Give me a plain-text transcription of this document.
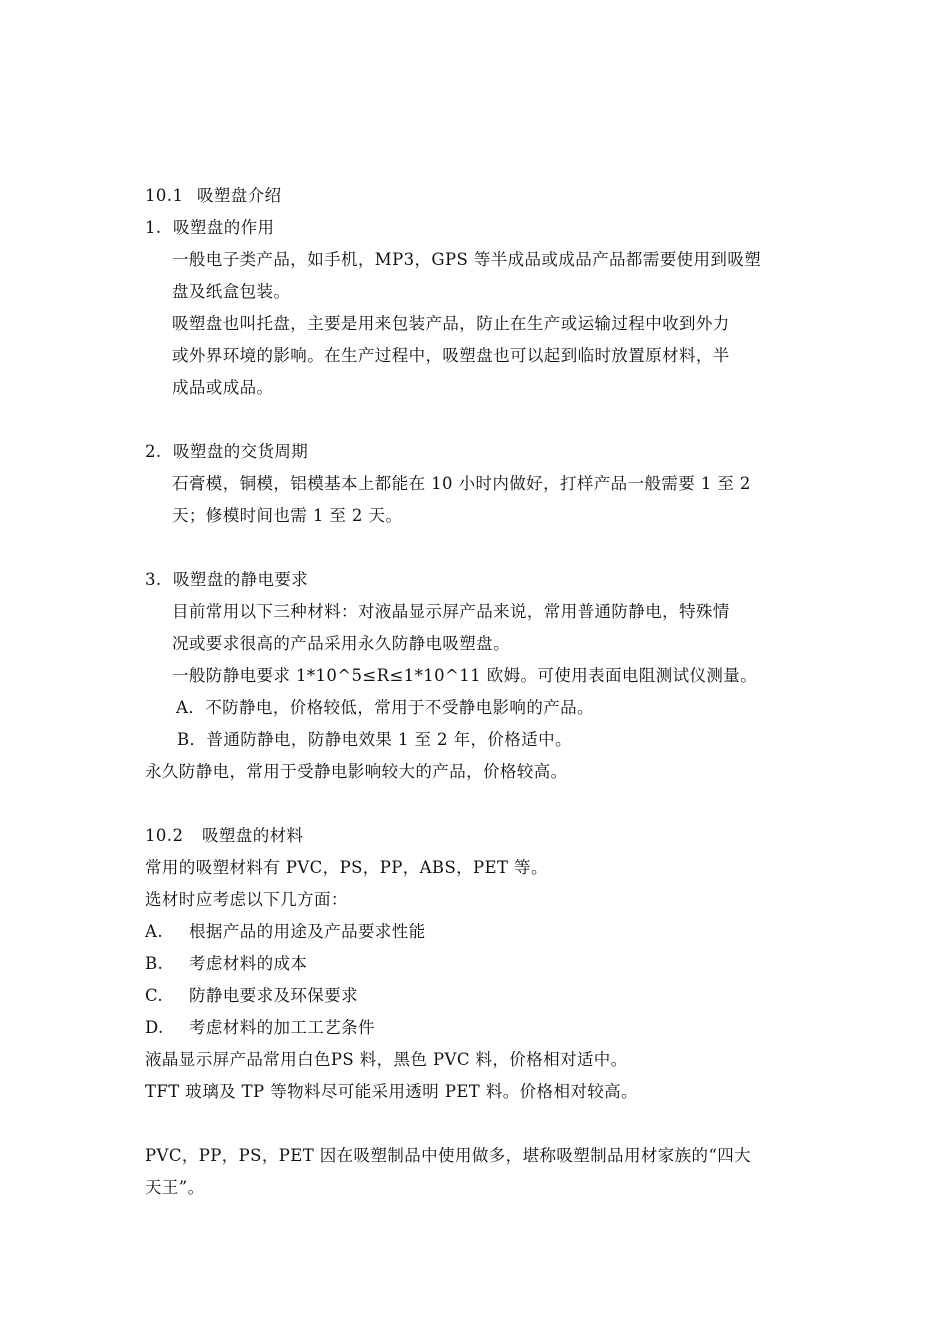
10.1 吸塑盘介绍
1. 吸塑盘的作用
一般电子类产品，如手机，MP3，GPS 等半成品或成品产品都需要使用到吸塑
盘及纸盒包装。
吸塑盘也叫托盘，主要是用来包装产品，防止在生产或运输过程中收到外力
或外界环境的影响。在生产过程中，吸塑盘也可以起到临时放置原材料，半
成品或成品。
2. 吸塑盘的交货周期
石膏模，铜模，铝模基本上都能在 10 小时内做好，打样产品一般需要 1 至 2
天；修模时间也需 1 至 2 天。
3. 吸塑盘的静电要求
目前常用以下三种材料：对液晶显示屏产品来说，常用普通防静电，特殊情
况或要求很高的产品采用永久防静电吸塑盘。
一般防静电要求 1*10^5≤R≤1*10^11 欧姆。可使用表面电阻测试仪测量。
A．不防静电，价格较低，常用于不受静电影响的产品。
B．普通防静电，防静电效果 1 至 2 年，价格适中。
永久防静电，常用于受静电影响较大的产品，价格较高。
10.2 吸塑盘的材料
常用的吸塑材料有 PVC，PS，PP，ABS，PET 等。
选材时应考虑以下几方面：
A. 根据产品的用途及产品要求性能
B. 考虑材料的成本
C. 防静电要求及环保要求
D. 考虑材料的加工工艺条件
液晶显示屏产品常用白色PS 料，黑色 PVC 料，价格相对适中。
TFT 玻璃及 TP 等物料尽可能采用透明 PET 料。价格相对较高。
PVC，PP，PS，PET 因在吸塑制品中使用做多，堪称吸塑制品用材家族的“四大
天王”。
